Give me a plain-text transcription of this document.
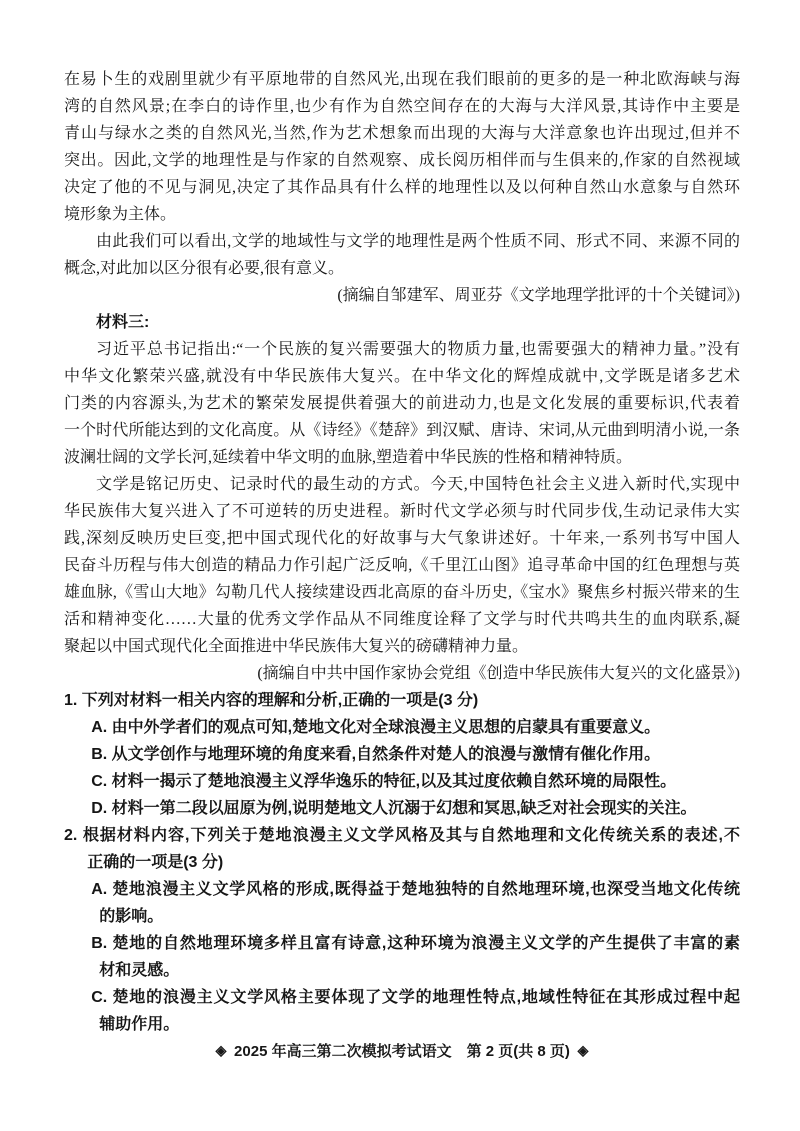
在易卜生的戏剧里就少有平原地带的自然风光,出现在我们眼前的更多的是一种北欧海峡与海
湾的自然风景;在李白的诗作里,也少有作为自然空间存在的大海与大洋风景,其诗作中主要是
青山与绿水之类的自然风光,当然,作为艺术想象而出现的大海与大洋意象也许出现过,但并不
突出。因此,文学的地理性是与作家的自然观察、成长阅历相伴而与生俱来的,作家的自然视域
决定了他的不见与洞见,决定了其作品具有什么样的地理性以及以何种自然山水意象与自然环
境形象为主体。
由此我们可以看出,文学的地域性与文学的地理性是两个性质不同、形式不同、来源不同的
概念,对此加以区分很有必要,很有意义。
(摘编自邹建军、周亚芬《文学地理学批评的十个关键词》)
材料三:
习近平总书记指出:“一个民族的复兴需要强大的物质力量,也需要强大的精神力量。”没有
中华文化繁荣兴盛,就没有中华民族伟大复兴。在中华文化的辉煌成就中,文学既是诸多艺术
门类的内容源头,为艺术的繁荣发展提供着强大的前进动力,也是文化发展的重要标识,代表着
一个时代所能达到的文化高度。从《诗经》《楚辞》到汉赋、唐诗、宋词,从元曲到明清小说,一条
波澜壮阔的文学长河,延续着中华文明的血脉,塑造着中华民族的性格和精神特质。
文学是铭记历史、记录时代的最生动的方式。今天,中国特色社会主义进入新时代,实现中
华民族伟大复兴进入了不可逆转的历史进程。新时代文学必须与时代同步伐,生动记录伟大实
践,深刻反映历史巨变,把中国式现代化的好故事与大气象讲述好。十年来,一系列书写中国人
民奋斗历程与伟大创造的精品力作引起广泛反响,《千里江山图》追寻革命中国的红色理想与英
雄血脉,《雪山大地》勾勒几代人接续建设西北高原的奋斗历史,《宝水》聚焦乡村振兴带来的生
活和精神变化……大量的优秀文学作品从不同维度诠释了文学与时代共鸣共生的血肉联系,凝
聚起以中国式现代化全面推进中华民族伟大复兴的磅礴精神力量。
(摘编自中共中国作家协会党组《创造中华民族伟大复兴的文化盛景》)
1. 下列对材料一相关内容的理解和分析,正确的一项是(3 分)
A. 由中外学者们的观点可知,楚地文化对全球浪漫主义思想的启蒙具有重要意义。
B. 从文学创作与地理环境的角度来看,自然条件对楚人的浪漫与激情有催化作用。
C. 材料一揭示了楚地浪漫主义浮华逸乐的特征,以及其过度依赖自然环境的局限性。
D. 材料一第二段以屈原为例,说明楚地文人沉溺于幻想和冥思,缺乏对社会现实的关注。
2. 根据材料内容,下列关于楚地浪漫主义文学风格及其与自然地理和文化传统关系的表述,不
正确的一项是(3 分)
A. 楚地浪漫主义文学风格的形成,既得益于楚地独特的自然地理环境,也深受当地文化传统
的影响。
B. 楚地的自然地理环境多样且富有诗意,这种环境为浪漫主义文学的产生提供了丰富的素
材和灵感。
C. 楚地的浪漫主义文学风格主要体现了文学的地理性特点,地域性特征在其形成过程中起
辅助作用。
◈ 2025 年高三第二次模拟考试语文　第 2 页(共 8 页) ◈
